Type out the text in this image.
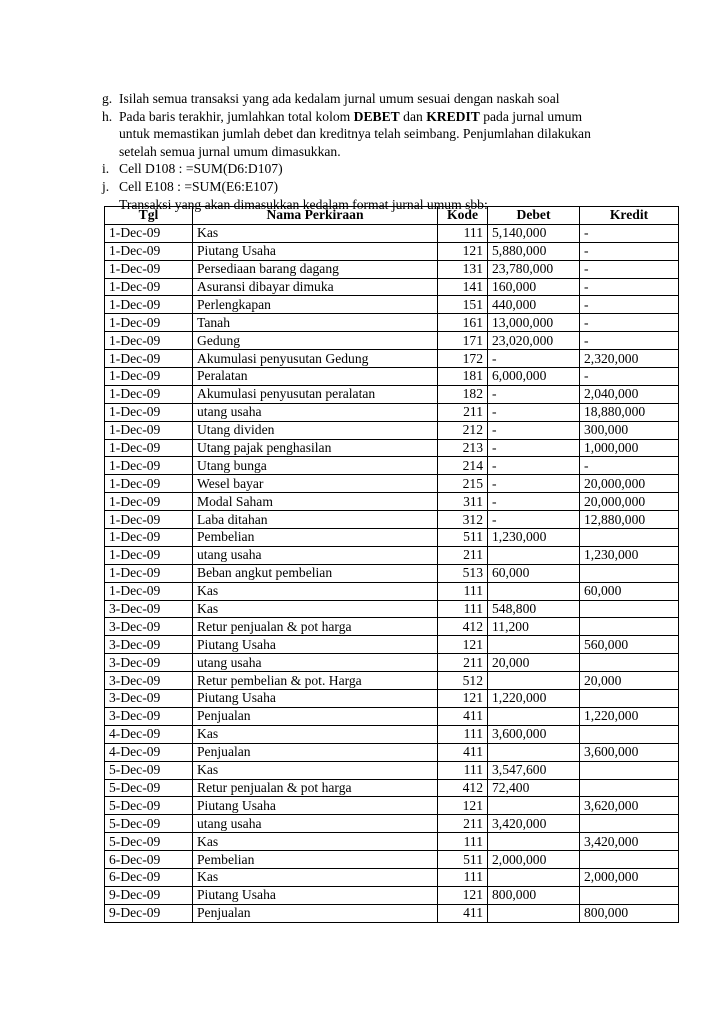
g. Isilah semua transaksi yang ada kedalam jurnal umum sesuai dengan naskah soal
h. Pada baris terakhir, jumlahkan total kolom DEBET dan KREDIT pada jurnal umum
untuk memastikan jumlah debet dan kreditnya telah seimbang. Penjumlahan dilakukan
setelah semua jurnal umum dimasukkan.
i. Cell D108 : =SUM(D6:D107)
j. Cell E108 : =SUM(E6:E107)
Transaksi yang akan dimasukkan kedalam format jurnal umum sbb:
Tgl	Nama Perkiraan	Kode	Debet	Kredit
1-Dec-09	Kas	111	5,140,000	-
1-Dec-09	Piutang Usaha	121	5,880,000	-
1-Dec-09	Persediaan barang dagang	131	23,780,000	-
1-Dec-09	Asuransi dibayar dimuka	141	160,000	-
1-Dec-09	Perlengkapan	151	440,000	-
1-Dec-09	Tanah	161	13,000,000	-
1-Dec-09	Gedung	171	23,020,000	-
1-Dec-09	Akumulasi penyusutan Gedung	172	-	2,320,000
1-Dec-09	Peralatan	181	6,000,000	-
1-Dec-09	Akumulasi penyusutan peralatan	182	-	2,040,000
1-Dec-09	utang usaha	211	-	18,880,000
1-Dec-09	Utang dividen	212	-	300,000
1-Dec-09	Utang pajak penghasilan	213	-	1,000,000
1-Dec-09	Utang bunga	214	-	-
1-Dec-09	Wesel bayar	215	-	20,000,000
1-Dec-09	Modal Saham	311	-	20,000,000
1-Dec-09	Laba ditahan	312	-	12,880,000
1-Dec-09	Pembelian	511	1,230,000	
1-Dec-09	utang usaha	211		1,230,000
1-Dec-09	Beban angkut pembelian	513	60,000	
1-Dec-09	Kas	111		60,000
3-Dec-09	Kas	111	548,800	
3-Dec-09	Retur penjualan & pot harga	412	11,200	
3-Dec-09	Piutang Usaha	121		560,000
3-Dec-09	utang usaha	211	20,000	
3-Dec-09	Retur pembelian & pot. Harga	512		20,000
3-Dec-09	Piutang Usaha	121	1,220,000	
3-Dec-09	Penjualan	411		1,220,000
4-Dec-09	Kas	111	3,600,000	
4-Dec-09	Penjualan	411		3,600,000
5-Dec-09	Kas	111	3,547,600	
5-Dec-09	Retur penjualan & pot harga	412	72,400	
5-Dec-09	Piutang Usaha	121		3,620,000
5-Dec-09	utang usaha	211	3,420,000	
5-Dec-09	Kas	111		3,420,000
6-Dec-09	Pembelian	511	2,000,000	
6-Dec-09	Kas	111		2,000,000
9-Dec-09	Piutang Usaha	121	800,000	
9-Dec-09	Penjualan	411		800,000
